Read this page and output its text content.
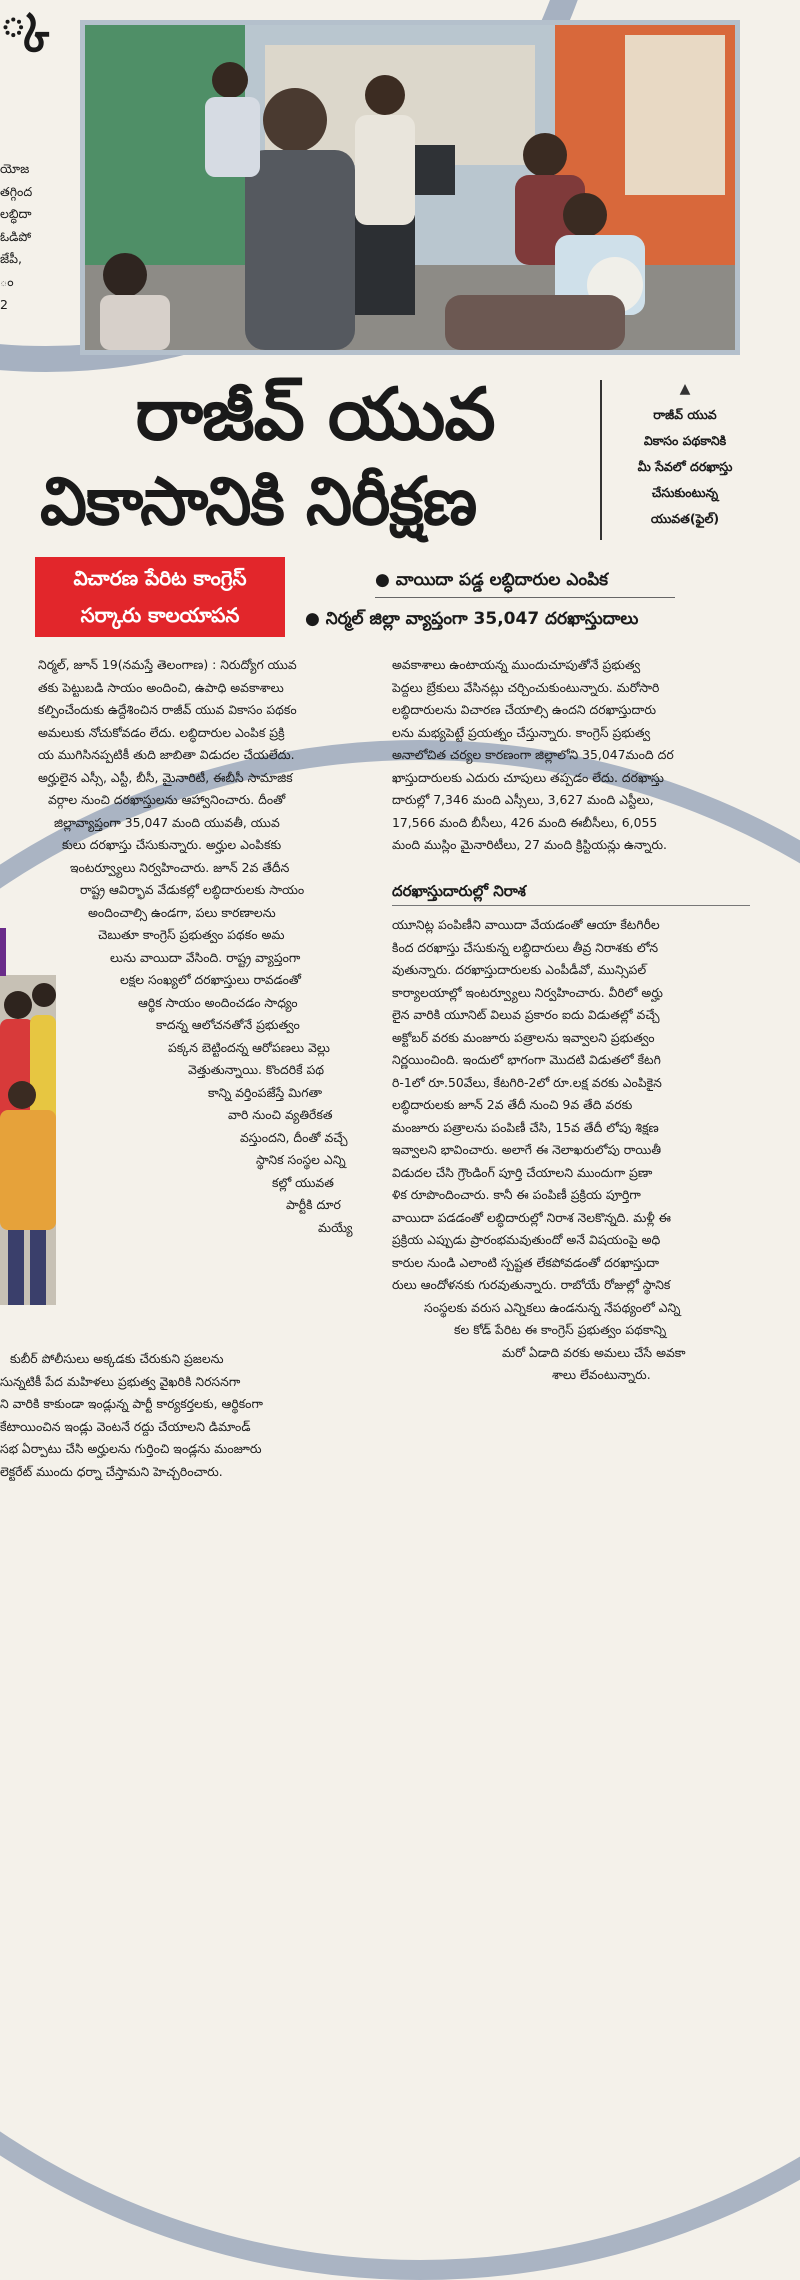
్క
యోజ
తగ్గింద
లబ్ధిదా
ఓడిపో
జేపీ,
ం
2
రాజీవ్ యువ
వికాసానికి నిరీక్షణ
▲
రాజీవ్ యువ
వికాసం పథకానికి
మీ సేవలో దరఖాస్తు
చేసుకుంటున్న
యువత(ఫైల్)
విచారణ పేరిట కాంగ్రెస్
సర్కారు కాలయాపన
● వాయిదా పడ్డ లబ్ధిదారుల ఎంపిక
● నిర్మల్ జిల్లా వ్యాప్తంగా 35,047 దరఖాస్తుదాలు
నిర్మల్, జూన్ 19(నమస్తే తెలంగాణ) : నిరుద్యోగ యువ
తకు పెట్టుబడి సాయం అందించి, ఉపాధి అవకాశాలు
కల్పించేందుకు ఉద్దేశించిన రాజీవ్ యువ వికాసం పథకం
అమలుకు నోచుకోవడం లేదు. లబ్ధిదారుల ఎంపిక ప్రక్రి
య ముగిసినప్పటికీ తుది జాబితా విడుదల చేయలేదు.
అర్హులైన ఎస్సీ, ఎస్టీ, బీసీ, మైనారిటీ, ఈబీసీ సామాజిక
వర్గాల నుంచి దరఖాస్తులను ఆహ్వానించారు. దీంతో
జిల్లావ్యాప్తంగా 35,047 మంది యువతీ, యువ
కులు దరఖాస్తు చేసుకున్నారు. అర్హుల ఎంపికకు
ఇంటర్వ్యూలు నిర్వహించారు. జూన్ 2వ తేదీన
రాష్ట్ర ఆవిర్భావ వేడుకల్లో లబ్ధిదారులకు సాయం
అందించాల్సి ఉండగా, పలు కారణాలను
చెబుతూ కాంగ్రెస్ ప్రభుత్వం పథకం అమ
లును వాయిదా వేసింది. రాష్ట్ర వ్యాప్తంగా
లక్షల సంఖ్యలో దరఖాస్తులు రావడంతో
ఆర్థిక సాయం అందించడం సాధ్యం
కాదన్న ఆలోచనతోనే ప్రభుత్వం
పక్కన బెట్టిందన్న ఆరోపణలు వెల్లు
వెత్తుతున్నాయి. కొందరికే పథ
కాన్ని వర్తింపజేస్తే మిగతా
వారి నుంచి వ్యతిరేకత
వస్తుందని, దీంతో వచ్చే
స్థానిక సంస్థల ఎన్ని
కల్లో యువత
పార్టీకి దూర
మయ్యే
అవకాశాలు ఉంటాయన్న ముందుచూపుతోనే ప్రభుత్వ
పెద్దలు బ్రేకులు వేసినట్లు చర్చించుకుంటున్నారు. మరోసారి
లబ్ధిదారులను విచారణ చేయాల్సి ఉందని దరఖాస్తుదారు
లను మభ్యపెట్టే ప్రయత్నం చేస్తున్నారు. కాంగ్రెస్ ప్రభుత్వ
అనాలోచిత చర్యల కారణంగా జిల్లాలోని 35,047మంది దర
ఖాస్తుదారులకు ఎదురు చూపులు తప్పడం లేదు. దరఖాస్తు
దారుల్లో 7,346 మంది ఎస్సీలు, 3,627 మంది ఎస్టీలు,
17,566 మంది బీసీలు, 426 మంది ఈబీసీలు, 6,055
మంది ముస్లిం మైనారిటీలు, 27 మంది క్రిస్టియన్లు ఉన్నారు.
దరఖాస్తుదారుల్లో నిరాశ
యూనిట్ల పంపిణీని వాయిదా వేయడంతో ఆయా కేటగిరీల
కింద దరఖాస్తు చేసుకున్న లబ్ధిదారులు తీవ్ర నిరాశకు లోన
వుతున్నారు. దరఖాస్తుదారులకు ఎంపీడీవో, మున్సిపల్
కార్యాలయాల్లో ఇంటర్వ్యూలు నిర్వహించారు. వీరిలో అర్హు
లైన వారికి యూనిట్ విలువ ప్రకారం ఐదు విడుతల్లో వచ్చే
అక్టోబర్ వరకు మంజూరు పత్రాలను ఇవ్వాలని ప్రభుత్వం
నిర్ణయించింది. ఇందులో భాగంగా మొదటి విడుతలో కేటగి
రి-1లో రూ.50వేలు, కేటగిరి-2లో రూ.లక్ష వరకు ఎంపికైన
లబ్ధిదారులకు జూన్ 2వ తేదీ నుంచి 9వ తేది వరకు
మంజూరు పత్రాలను పంపిణీ చేసి, 15వ తేదీ లోపు శిక్షణ
ఇవ్వాలని భావించారు. అలాగే ఈ నెలాఖరులోపు రాయితీ
విడుదల చేసి గ్రౌండింగ్ పూర్తి చేయాలని ముందుగా ప్రణా
ళిక రూపొందించారు. కానీ ఈ పంపిణీ ప్రక్రియ పూర్తిగా
వాయిదా పడడంతో లబ్ధిదారుల్లో నిరాశ నెలకొన్నది. మళ్లీ ఈ
ప్రక్రియ ఎప్పుడు ప్రారంభమవుతుందో అనే విషయంపై అధి
కారుల నుండి ఎలాంటి స్పష్టత లేకపోవడంతో దరఖాస్తుదా
రులు ఆందోళనకు గురవుతున్నారు. రాబోయే రోజుల్లో స్థానిక
సంస్థలకు వరుస ఎన్నికలు ఉండనున్న నేపథ్యంలో ఎన్ని
కల కోడ్ పేరిట ఈ కాంగ్రెస్ ప్రభుత్వం పథకాన్ని
మరో ఏడాది వరకు అమలు చేసే అవకా
శాలు లేవంటున్నారు.
కుబీర్ పోలీసులు అక్కడకు చేరుకుని ప్రజలను
సున్నటికీ పేద మహిళలు ప్రభుత్వ వైఖరికి నిరసనగా
ని వారికి కాకుండా ఇండ్లున్న పార్టీ కార్యకర్తలకు, ఆర్థికంగా
కేటాయించిన ఇండ్లు వెంటనే రద్దు చేయాలని డిమాండ్
సభ ఏర్పాటు చేసి అర్హులను గుర్తించి ఇండ్లను మంజూరు
లెక్టరేట్ ముందు ధర్నా చేస్తామని హెచ్చరించారు.
